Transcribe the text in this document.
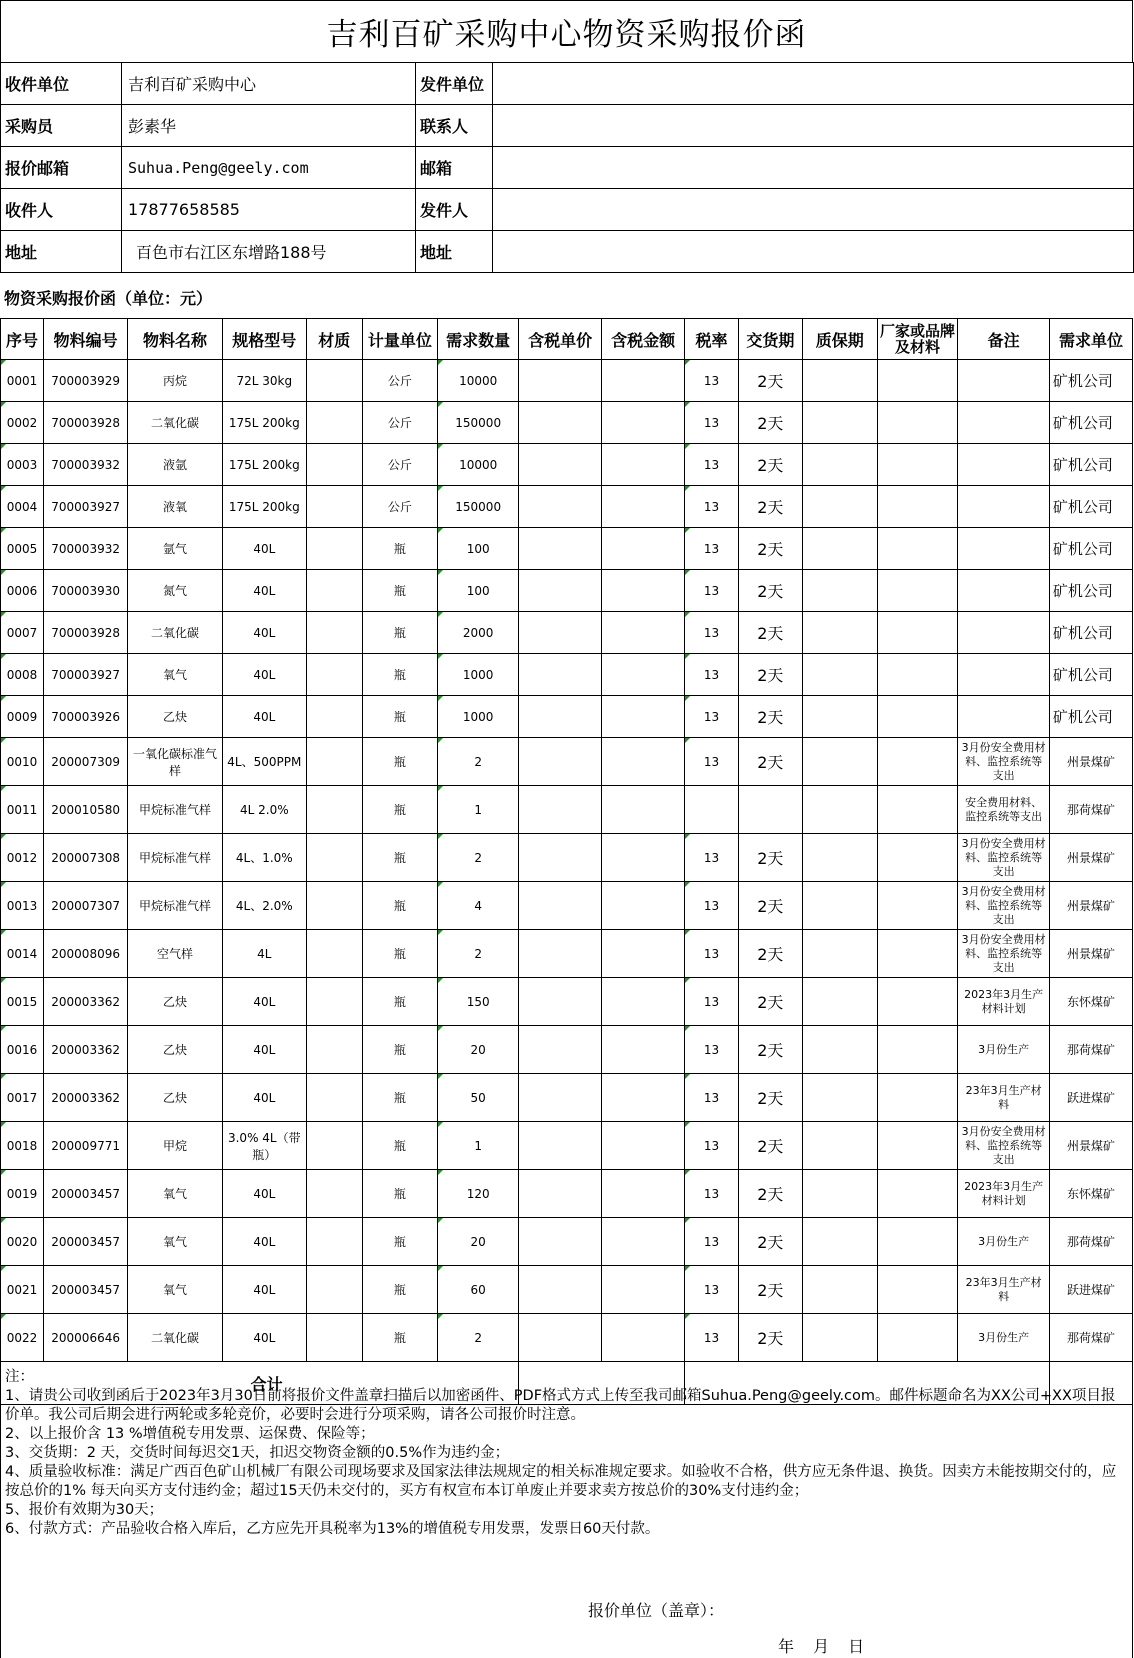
吉利百矿采购中心物资采购报价函
收件单位	吉利百矿采购中心	发件单位	
采购员	彭素华	联系人	
报价邮箱	Suhua.Peng@geely.com	邮箱	
收件人	17877658585	发件人	
地址	百色市右江区东增路188号	地址	
物资采购报价函（单位：元）
序号	物料编号	物料名称	规格型号	材质	计量单位	需求数量	含税单价	含税金额	税率	交货期	质保期	厂家或品牌及材料	备注	需求单位
0001	700003929	丙烷	72L 30kg		公斤	10000			13	2天				矿机公司
0002	700003928	二氧化碳	175L 200kg		公斤	150000			13	2天				矿机公司
0003	700003932	液氩	175L 200kg		公斤	10000			13	2天				矿机公司
0004	700003927	液氧	175L 200kg		公斤	150000			13	2天				矿机公司
0005	700003932	氩气	40L		瓶	100			13	2天				矿机公司
0006	700003930	氮气	40L		瓶	100			13	2天				矿机公司
0007	700003928	二氧化碳	40L		瓶	2000			13	2天				矿机公司
0008	700003927	氧气	40L		瓶	1000			13	2天				矿机公司
0009	700003926	乙炔	40L		瓶	1000			13	2天				矿机公司
0010	200007309	一氧化碳标准气样	4L、500PPM		瓶	2			13	2天			3月份安全费用材料、监控系统等支出	州景煤矿
0011	200010580	甲烷标准气样	4L 2.0%		瓶	1							安全费用材料、监控系统等支出	那荷煤矿
0012	200007308	甲烷标准气样	4L、1.0%		瓶	2			13	2天			3月份安全费用材料、监控系统等支出	州景煤矿
0013	200007307	甲烷标准气样	4L、2.0%		瓶	4			13	2天			3月份安全费用材料、监控系统等支出	州景煤矿
0014	200008096	空气样	4L		瓶	2			13	2天			3月份安全费用材料、监控系统等支出	州景煤矿
0015	200003362	乙炔	40L		瓶	150			13	2天			2023年3月生产材料计划	东怀煤矿
0016	200003362	乙炔	40L		瓶	20			13	2天			3月份生产	那荷煤矿
0017	200003362	乙炔	40L		瓶	50			13	2天			23年3月生产材料	跃进煤矿
0018	200009771	甲烷	3.0% 4L（带瓶）		瓶	1			13	2天			3月份安全费用材料、监控系统等支出	州景煤矿
0019	200003457	氧气	40L		瓶	120			13	2天			2023年3月生产材料计划	东怀煤矿
0020	200003457	氧气	40L		瓶	20			13	2天			3月份生产	那荷煤矿
0021	200003457	氧气	40L		瓶	60			13	2天			23年3月生产材料	跃进煤矿
0022	200006646	二氧化碳	40L		瓶	2			13	2天			3月份生产	那荷煤矿
合计														

注：

1、请贵公司收到函后于2023年3月30日前将报价文件盖章扫描后以加密函件、PDF格式方式上传至我司邮箱Suhua.Peng@geely.com。邮件标题命名为XX公司+XX项目报价单。我公司后期会进行两轮或多轮竞价，必要时会进行分项采购，请各公司报价时注意。

2、以上报价含 13 %增值税专用发票、运保费、保险等；

3、交货期：2 天，交货时间每迟交1天，扣迟交物资金额的0.5%作为违约金；

4、质量验收标准：满足广西百色矿山机械厂有限公司现场要求及国家法律法规规定的相关标准规定要求。如验收不合格，供方应无条件退、换货。因卖方未能按期交付的，应按总价的1% 每天向买方支付违约金；超过15天仍未交付的，买方有权宣布本订单废止并要求卖方按总价的30%支付违约金；

5、报价有效期为30天；

6、付款方式：产品验收合格入库后，乙方应先开具税率为13%的增值税专用发票，发票日60天付款。

报价单位（盖章）：
年 月 日
